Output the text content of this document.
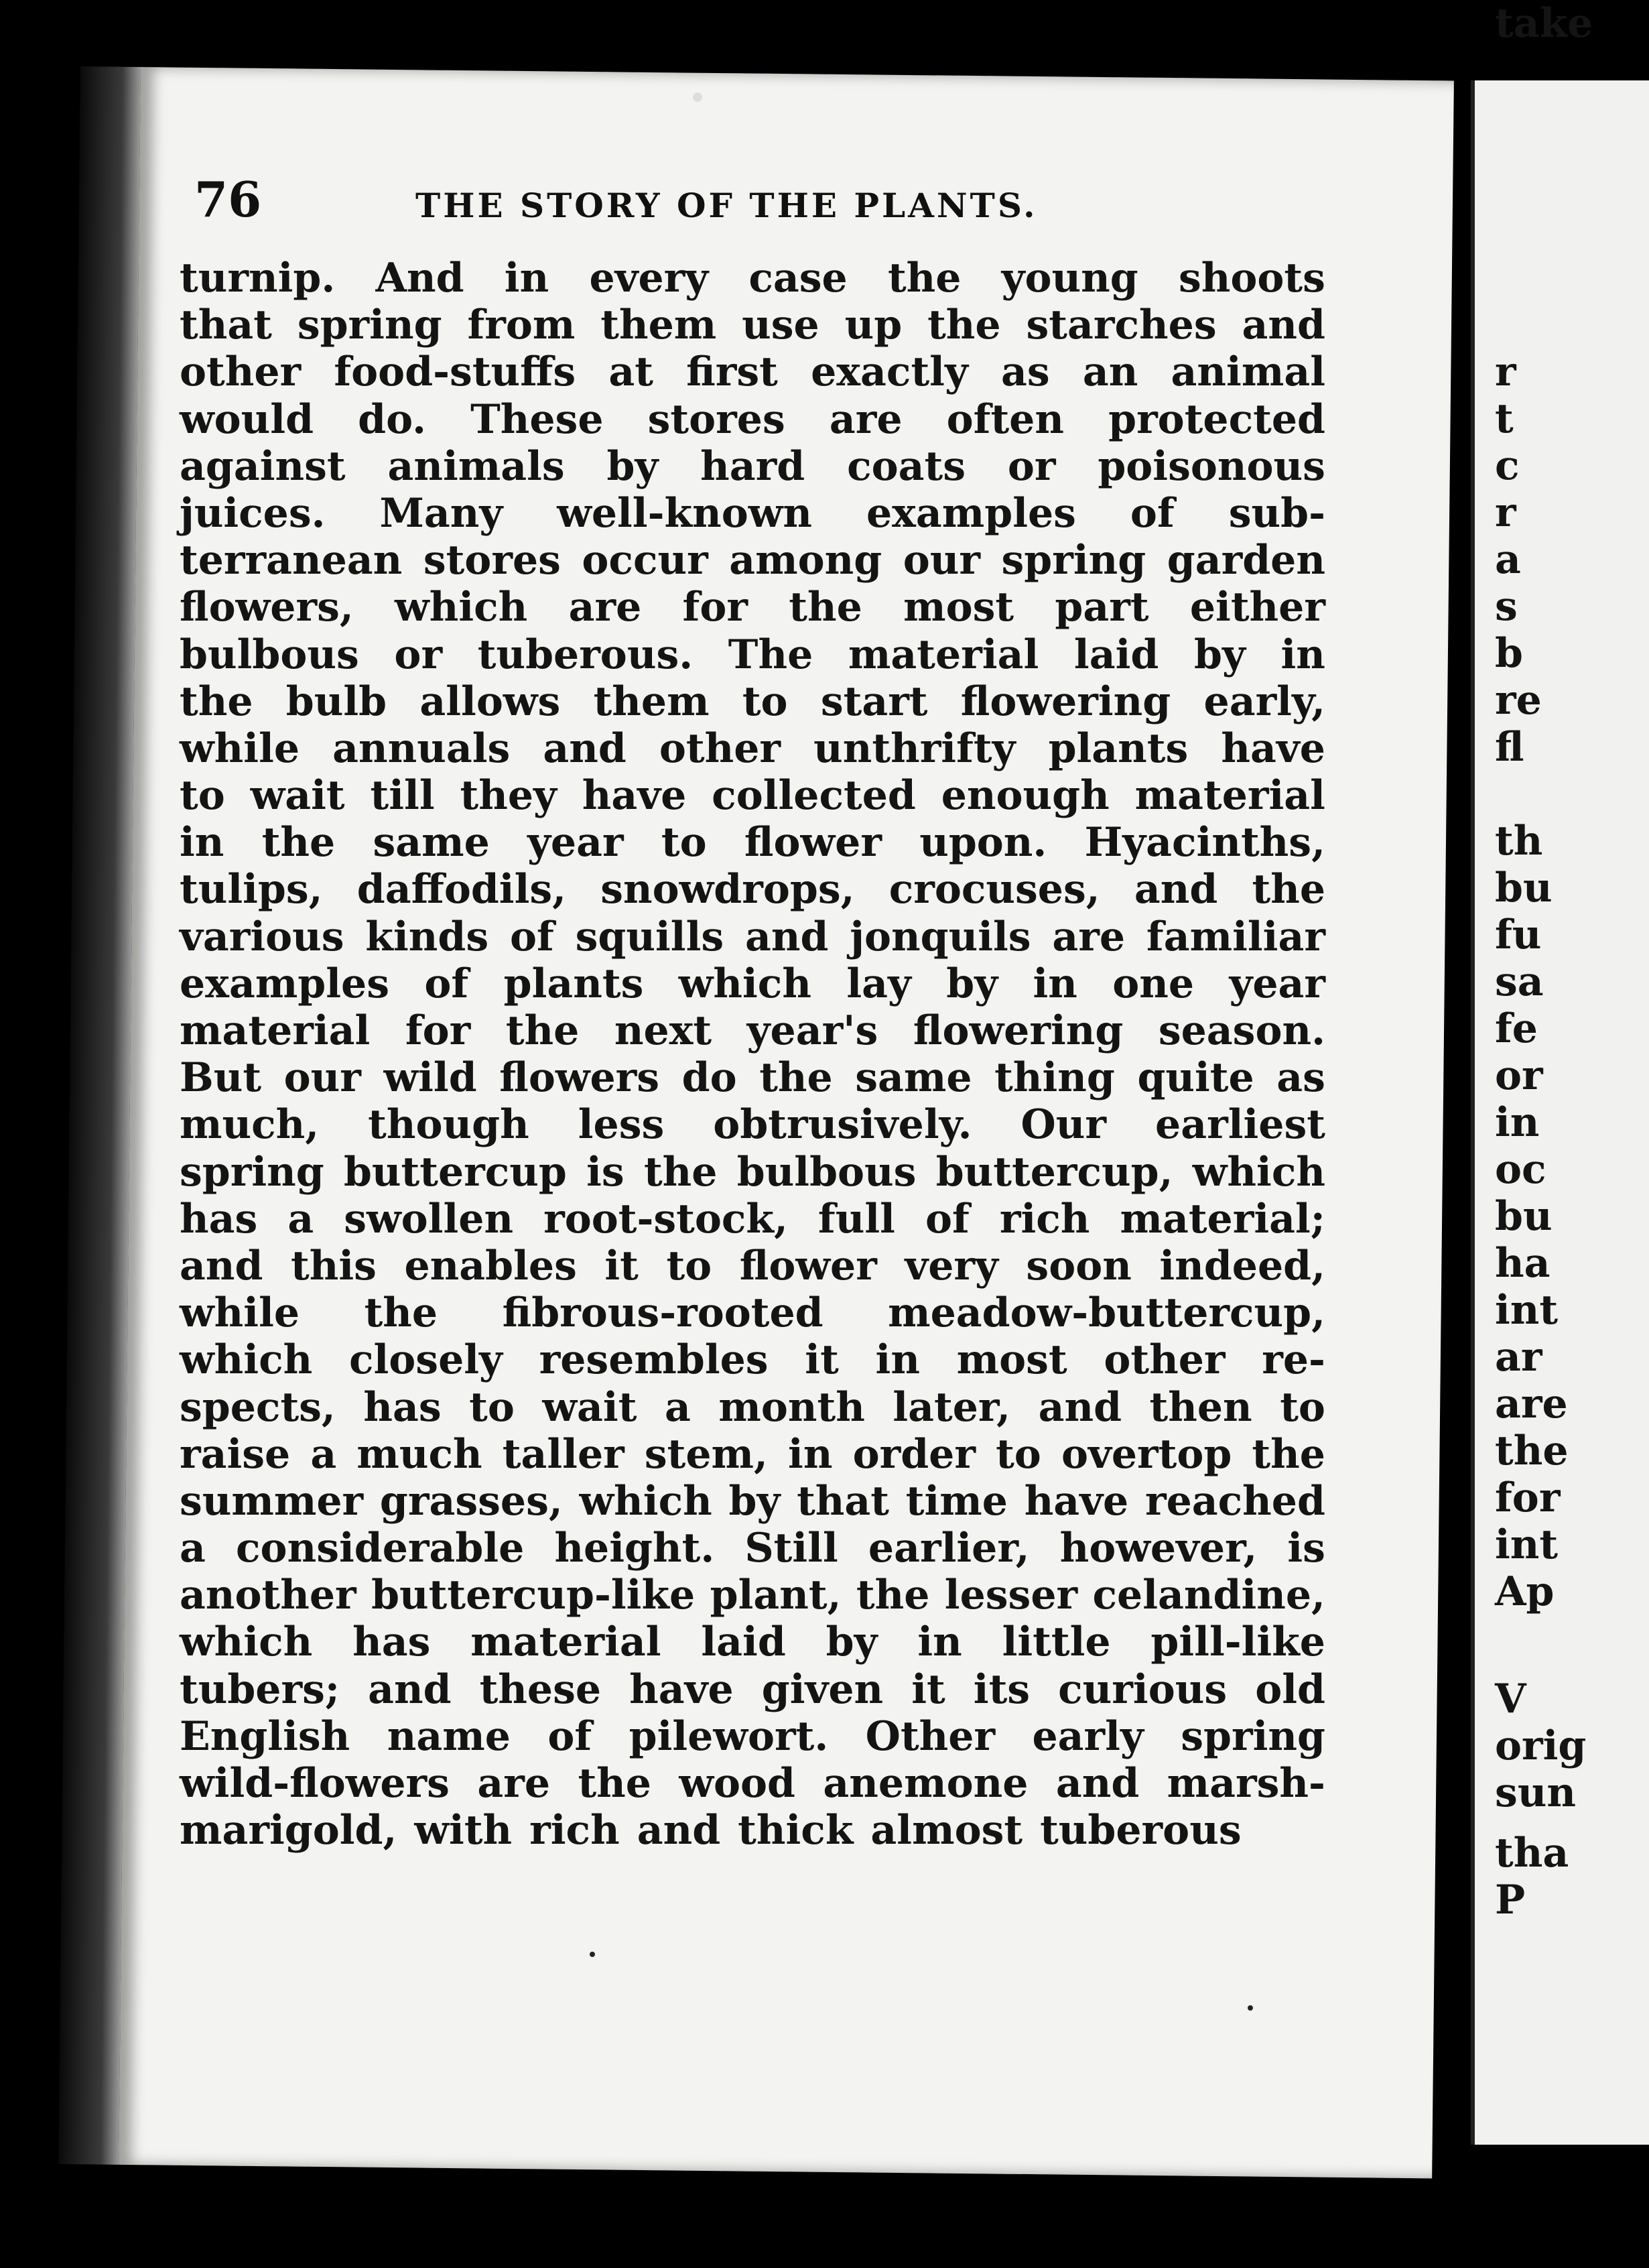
r
t
c
r
a
s
b
re
fl
th
bu
fu
sa
fe
or
in
oc
bu
ha
int
ar
are
the
for
int
Ap
V
orig
sun
tha
P
take
76	THE STORY OF THE PLANTS.
turnip. And in every case the young shoots
that spring from them use up the starches and
other food-stuffs at first exactly as an animal
would do. These stores are often protected
against animals by hard coats or poisonous
juices. Many well-known examples of sub-
terranean stores occur among our spring garden
flowers, which are for the most part either
bulbous or tuberous. The material laid by in
the bulb allows them to start flowering early,
while annuals and other unthrifty plants have
to wait till they have collected enough material
in the same year to flower upon. Hyacinths,
tulips, daffodils, snowdrops, crocuses, and the
various kinds of squills and jonquils are familiar
examples of plants which lay by in one year
material for the next year's flowering season.
But our wild flowers do the same thing quite as
much, though less obtrusively. Our earliest
spring buttercup is the bulbous buttercup, which
has a swollen root-stock, full of rich material;
and this enables it to flower very soon indeed,
while the fibrous-rooted meadow-buttercup,
which closely resembles it in most other re-
spects, has to wait a month later, and then to
raise a much taller stem, in order to overtop the
summer grasses, which by that time have reached
a considerable height. Still earlier, however, is
another buttercup-like plant, the lesser celandine,
which has material laid by in little pill-like
tubers; and these have given it its curious old
English name of pilewort. Other early spring
wild-flowers are the wood anemone and marsh-
marigold, with rich and thick almost tuberous
